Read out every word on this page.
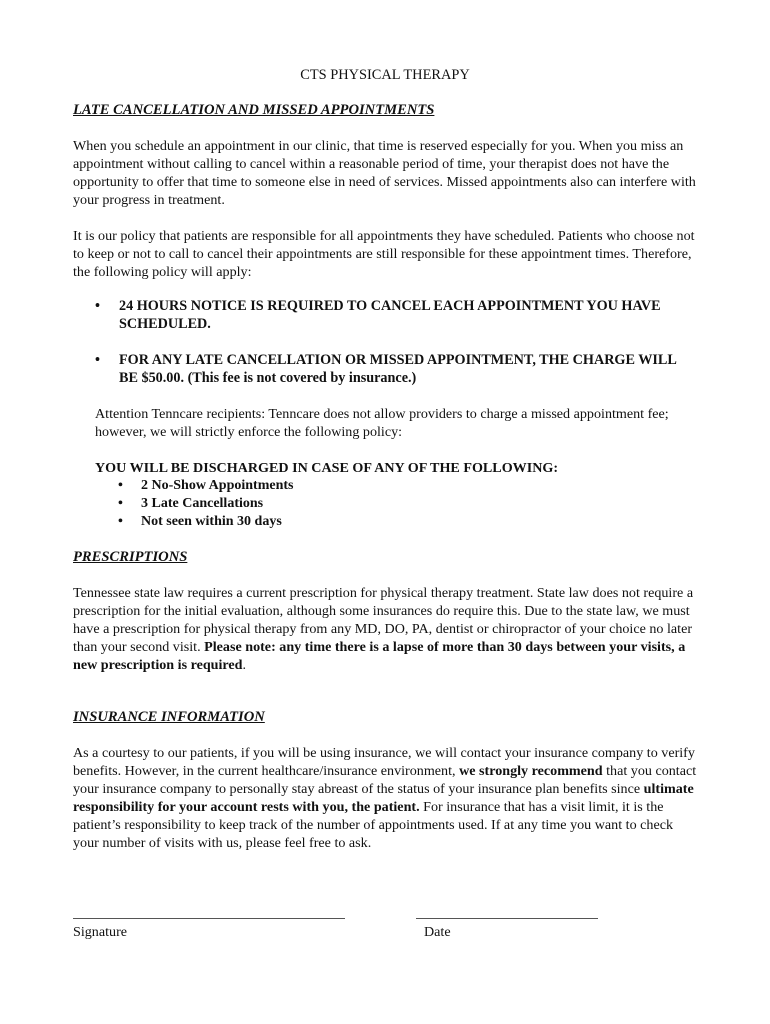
CTS PHYSICAL THERAPY
LATE CANCELLATION AND MISSED APPOINTMENTS

When you schedule an appointment in our clinic, that time is reserved especially for you. When you miss an appointment without calling to cancel within a reasonable period of time, your therapist does not have the opportunity to offer that time to someone else in need of services. Missed appointments also can interfere with your progress in treatment.

It is our policy that patients are responsible for all appointments they have scheduled. Patients who choose not to keep or not to call to cancel their appointments are still responsible for these appointment times. Therefore, the following policy will apply:

• 24 HOURS NOTICE IS REQUIRED TO CANCEL EACH APPOINTMENT YOU HAVE SCHEDULED.
• FOR ANY LATE CANCELLATION OR MISSED APPOINTMENT, THE CHARGE WILL BE $50.00. (This fee is not covered by insurance.)

Attention Tenncare recipients: Tenncare does not allow providers to charge a missed appointment fee; however, we will strictly enforce the following policy:

YOU WILL BE DISCHARGED IN CASE OF ANY OF THE FOLLOWING:
• 2 No-Show Appointments
• 3 Late Cancellations
• Not seen within 30 days
PRESCRIPTIONS

Tennessee state law requires a current prescription for physical therapy treatment. State law does not require a prescription for the initial evaluation, although some insurances do require this. Due to the state law, we must have a prescription for physical therapy from any MD, DO, PA, dentist or chiropractor of your choice no later than your second visit. Please note: any time there is a lapse of more than 30 days between your visits, a new prescription is required.

INSURANCE INFORMATION

As a courtesy to our patients, if you will be using insurance, we will contact your insurance company to verify benefits. However, in the current healthcare/insurance environment, we strongly recommend that you contact your insurance company to personally stay abreast of the status of your insurance plan benefits since ultimate responsibility for your account rests with you, the patient. For insurance that has a visit limit, it is the patient’s responsibility to keep track of the number of appointments used. If at any time you want to check your number of visits with us, please feel free to ask.

Signature	Date
